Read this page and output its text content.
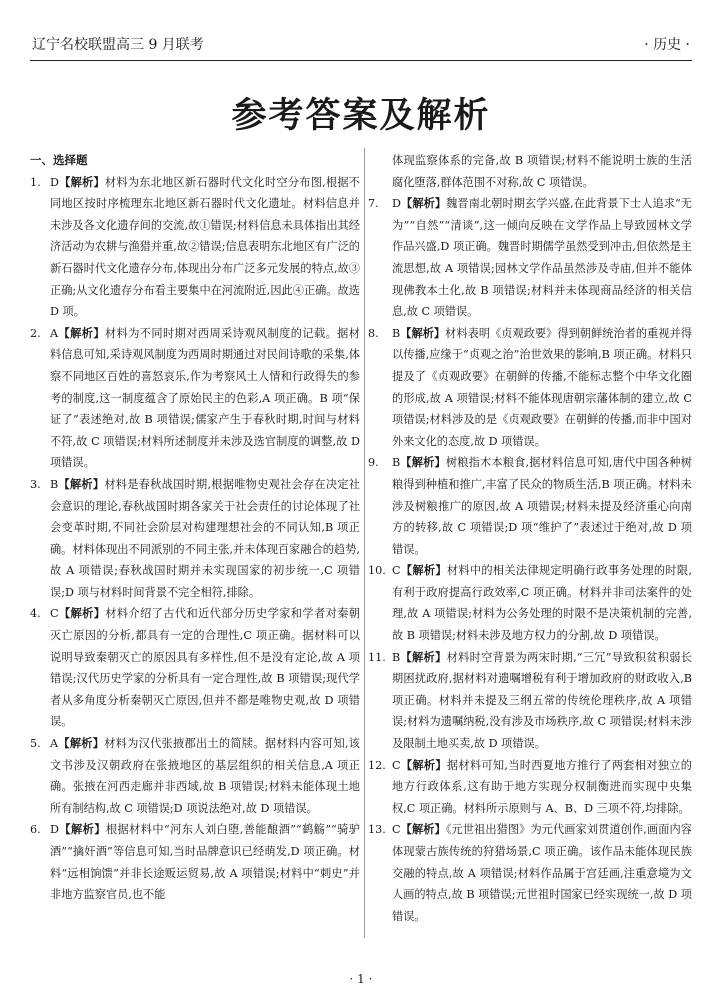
辽宁名校联盟高三 9 月联考	· 历史 ·
参考答案及解析
一、选择题
1. D【解析】材料为东北地区新石器时代文化时空分布图,根据不同地区按时序梳理东北地区新石器时代文化遗址。材料信息并未涉及各文化遗存间的交流,故①错误;材料信息未具体指出其经济活动为农耕与渔猎并重,故②错误;信息表明东北地区有广泛的新石器时代文化遗存分布,体现出分布广泛多元发展的特点,故③正确;从文化遗存分布看主要集中在河流附近,因此④正确。故选 D 项。
2. A【解析】材料为不同时期对西周采诗观风制度的记载。据材料信息可知,采诗观风制度为西周时期通过对民间诗歌的采集,体察不同地区百姓的喜怒哀乐,作为考察风土人情和行政得失的参考的制度,这一制度蕴含了原始民主的色彩,A 项正确。B 项“保证了”表述绝对,故 B 项错误;儒家产生于春秋时期,时间与材料不符,故 C 项错误;材料所述制度并未涉及选官制度的调整,故 D 项错误。
3. B【解析】材料是春秋战国时期,根据唯物史观社会存在决定社会意识的理论,春秋战国时期各家关于社会责任的讨论体现了社会变革时期,不同社会阶层对构建理想社会的不同认知,B 项正确。材料体现出不同派别的不同主张,并未体现百家融合的趋势,故 A 项错误;春秋战国时期并未实现国家的初步统一,C 项错误;D 项与材料时间背景不完全相符,排除。
4. C【解析】材料介绍了古代和近代部分历史学家和学者对秦朝灭亡原因的分析,都具有一定的合理性,C 项正确。据材料可以说明导致秦朝灭亡的原因具有多样性,但不是没有定论,故 A 项错误;汉代历史学家的分析具有一定合理性,故 B 项错误;现代学者从多角度分析秦朝灭亡原因,但并不都是唯物史观,故 D 项错误。
5. A【解析】材料为汉代张掖郡出土的简牍。据材料内容可知,该文书涉及汉朝政府在张掖地区的基层组织的相关信息,A 项正确。张掖在河西走廊并非西域,故 B 项错误;材料未能体现土地所有制结构,故 C 项错误;D 项说法绝对,故 D 项错误。
6. D【解析】根据材料中“河东人刘白堕,善能酿酒”“鹤觞”“骑驴酒”“擒奸酒”等信息可知,当时品牌意识已经萌发,D 项正确。材料“远相饷馈”并非长途贩运贸易,故 A 项错误;材料中“刺史”并非地方监察官员,也不能
体现监察体系的完备,故 B 项错误;材料不能说明士族的生活腐化堕落,群体范围不对称,故 C 项错误。
7.	D【解析】魏晋南北朝时期玄学兴盛,在此背景下士人追求“无为”“自然”“清谈”,这一倾向反映在文学作品上导致园林文学作品兴盛,D 项正确。魏晋时期儒学虽然受到冲击,但依然是主流思想,故 A 项错误;园林文学作品虽然涉及寺庙,但并不能体现佛教本土化,故 B 项错误;材料并未体现商品经济的相关信息,故 C 项错误。
8.	B【解析】材料表明《贞观政要》得到朝鲜统治者的重视并得以传播,应缘于“贞观之治”治世效果的影响,B 项正确。材料只提及了《贞观政要》在朝鲜的传播,不能标志整个中华文化圈的形成,故 A 项错误;材料不能体现唐朝宗藩体制的建立,故 C 项错误;材料涉及的是《贞观政要》在朝鲜的传播,而非中国对外来文化的态度,故 D 项错误。
9.	B【解析】树粮指木本粮食,据材料信息可知,唐代中国各种树粮得到种植和推广,丰富了民众的物质生活,B 项正确。材料未涉及树粮推广的原因,故 A 项错误;材料未提及经济重心向南方的转移,故 C 项错误;D 项“维护了”表述过于绝对,故 D 项错误。
10. C【解析】材料中的相关法律规定明确行政事务处理的时限,有利于政府提高行政效率,C 项正确。材料并非司法案件的处理,故 A 项错误;材料为公务处理的时限不是决策机制的完善,故 B 项错误;材料未涉及地方权力的分割,故 D 项错误。
11. B【解析】材料时空背景为两宋时期,“三冗”导致积贫积弱长期困扰政府,据材料对遗嘱增税有利于增加政府的财政收入,B 项正确。材料并未提及三纲五常的传统伦理秩序,故 A 项错误;材料为遗嘱纳税,没有涉及市场秩序,故 C 项错误;材料未涉及限制土地买卖,故 D 项错误。
12. C【解析】据材料可知,当时西夏地方推行了两套相对独立的地方行政体系,这有助于地方实现分权制衡进而实现中央集权,C 项正确。材料所示原则与 A、B、D 三项不符,均排除。
13. C【解析】《元世祖出猎图》为元代画家刘贯道创作,画面内容体现蒙古族传统的狩猎场景,C 项正确。该作品未能体现民族交融的特点,故 A 项错误;材料作品属于宫廷画,注重意境为文人画的特点,故 B 项错误;元世祖时国家已经实现统一,故 D 项错误。
· 1 ·
